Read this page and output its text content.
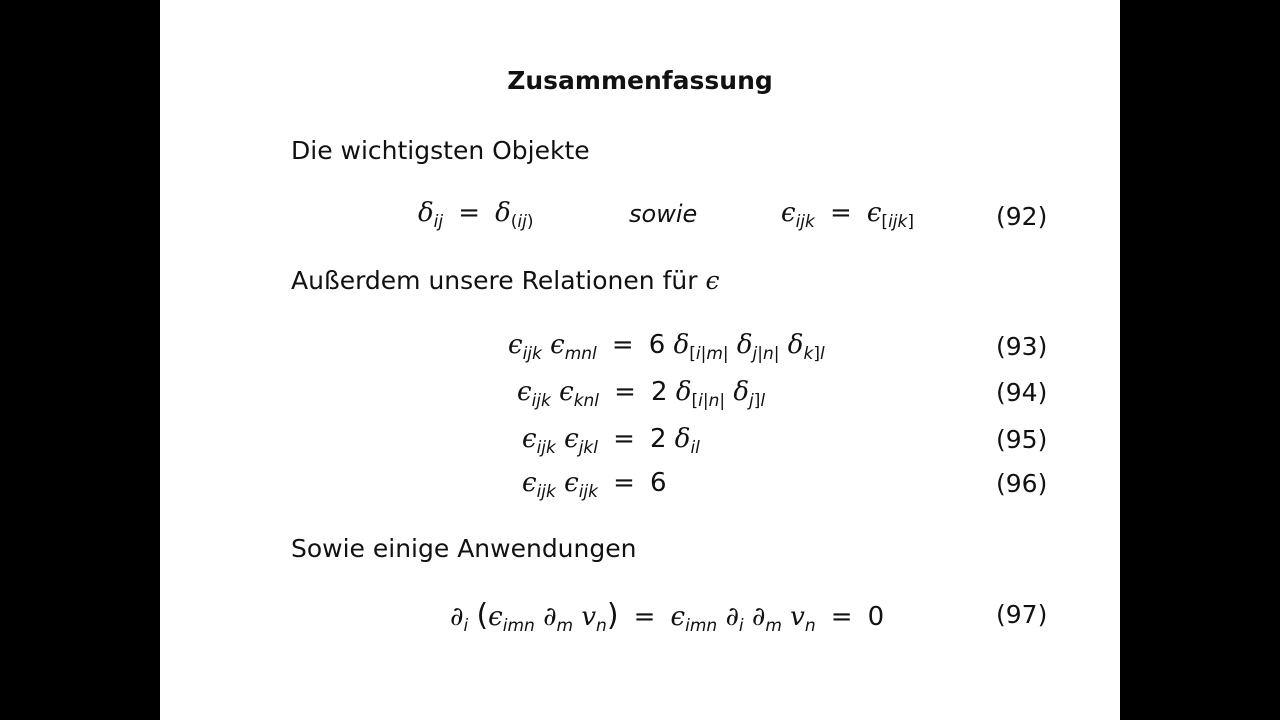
Zusammenfassung
Die wichtigsten Objekte
$\delta_{ij} = \delta_{(ij)}$	sowie	$\epsilon_{ijk} = \epsilon_{[ijk]}$	(92)
Außerdem unsere Relationen für ϵ
$\epsilon_{ijk}$ $\epsilon_{mnl} = 6$ $\delta_{[i|m|}$ $\delta_{j|n|}$ $\delta_{k]l}$	(93)
$\epsilon_{ijk}$ $\epsilon_{knl} = 2$ $\delta_{[i|n|}$ $\delta_{j]l}$	(94)
$\epsilon_{ijk}$ $\epsilon_{jkl} = 2$ $\delta_{il}$	(95)
$\epsilon_{ijk}$ $\epsilon_{ijk} = 6$	(96)
Sowie einige Anwendungen
$\partial_i$ ($\epsilon_{imn}$ $\partial_m$ $v_n) = \epsilon_{imn}$ $\partial_i$ $\partial_m$ $v_n = 0$	(97)
